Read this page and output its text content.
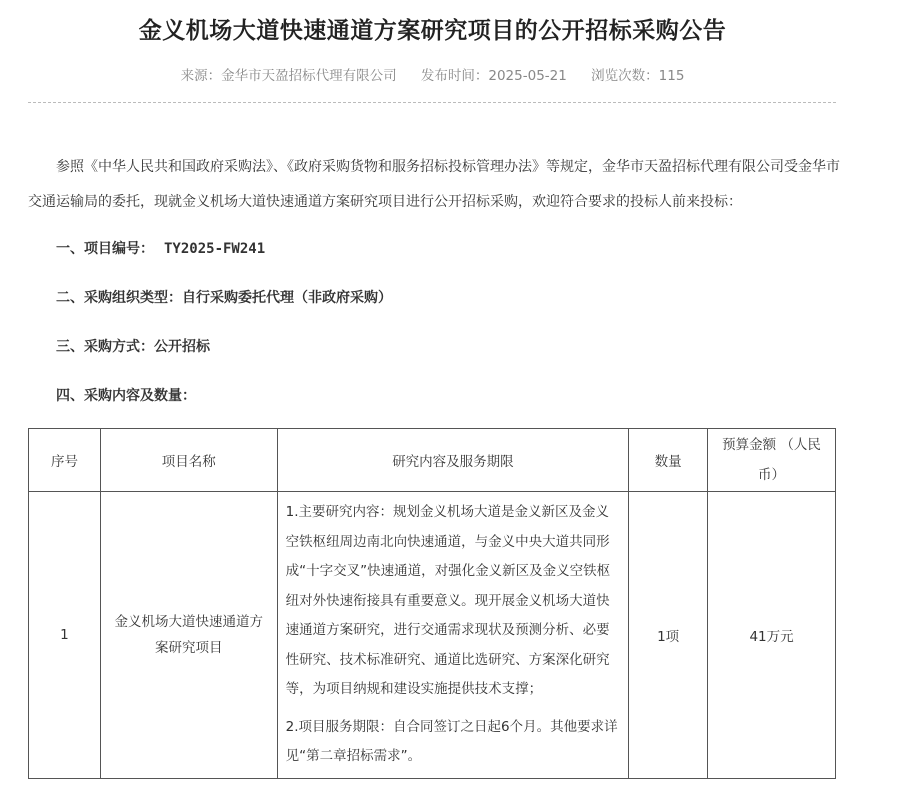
金义机场大道快速通道方案研究项目的公开招标采购公告
来源：金华市天盈招标代理有限公司 发布时间：2025-05-21 浏览次数：115
参照《中华人民共和国政府采购法》、《政府采购货物和服务招标投标管理办法》等规定，金华市天盈招标代理有限公司受金华市交通运输局的委托，现就金义机场大道快速通道方案研究项目进行公开招标采购，欢迎符合要求的投标人前来投标：
一、项目编号： TY2025-FW241
二、采购组织类型：自行采购委托代理（非政府采购）
三、采购方式：公开招标
四、采购内容及数量：
序号	项目名称	研究内容及服务期限	数量	预算金额 （人民币）
1	金义机场大道快速通道方案研究项目	1.主要研究内容：规划金义机场大道是金义新区及金义空铁枢纽周边南北向快速通道，与金义中央大道共同形成“十字交叉”快速通道，对强化金义新区及金义空铁枢纽对外快速衔接具有重要意义。现开展金义机场大道快速通道方案研究，进行交通需求现状及预测分析、必要性研究、技术标准研究、通道比选研究、方案深化研究等，为项目纳规和建设实施提供技术支撑；

2.项目服务期限：自合同签订之日起6个月。其他要求详见“第二章招标需求”。	1项	41万元
